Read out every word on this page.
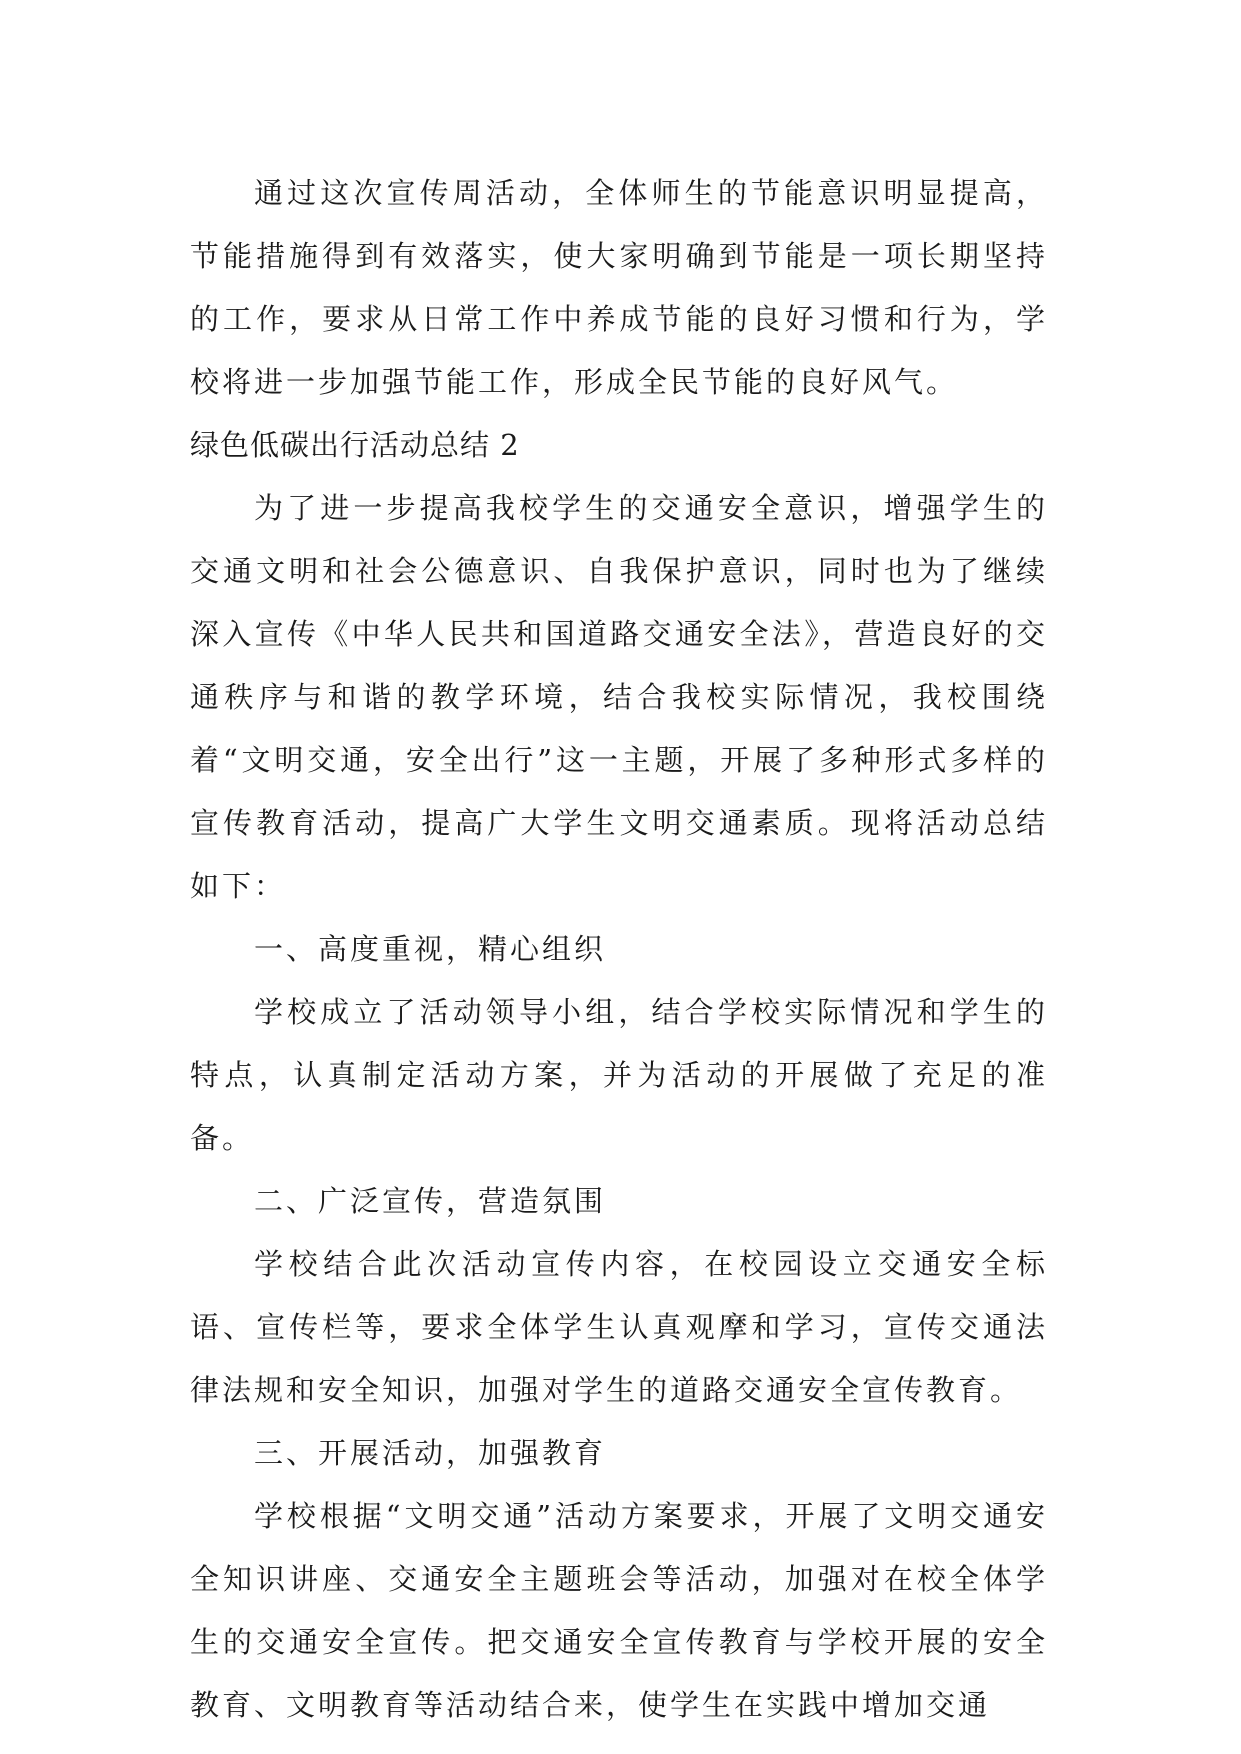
通过这次宣传周活动，全体师生的节能意识明显提高，节能措施得到有效落实，使大家明确到节能是一项长期坚持的工作，要求从日常工作中养成节能的良好习惯和行为，学校将进一步加强节能工作，形成全民节能的良好风气。

绿色低碳出行活动总结 2

为了进一步提高我校学生的交通安全意识，增强学生的交通文明和社会公德意识、自我保护意识，同时也为了继续深入宣传《中华人民共和国道路交通安全法》，营造良好的交通秩序与和谐的教学环境，结合我校实际情况，我校围绕着“文明交通，安全出行”这一主题，开展了多种形式多样的宣传教育活动，提高广大学生文明交通素质。现将活动总结如下：

一、高度重视，精心组织

学校成立了活动领导小组，结合学校实际情况和学生的特点，认真制定活动方案，并为活动的开展做了充足的准备。

二、广泛宣传，营造氛围

学校结合此次活动宣传内容，在校园设立交通安全标语、宣传栏等，要求全体学生认真观摩和学习，宣传交通法律法规和安全知识，加强对学生的道路交通安全宣传教育。

三、开展活动，加强教育

学校根据“文明交通”活动方案要求，开展了文明交通安全知识讲座、交通安全主题班会等活动，加强对在校全体学生的交通安全宣传。把交通安全宣传教育与学校开展的安全教育、文明教育等活动结合来，使学生在实践中增加交通
